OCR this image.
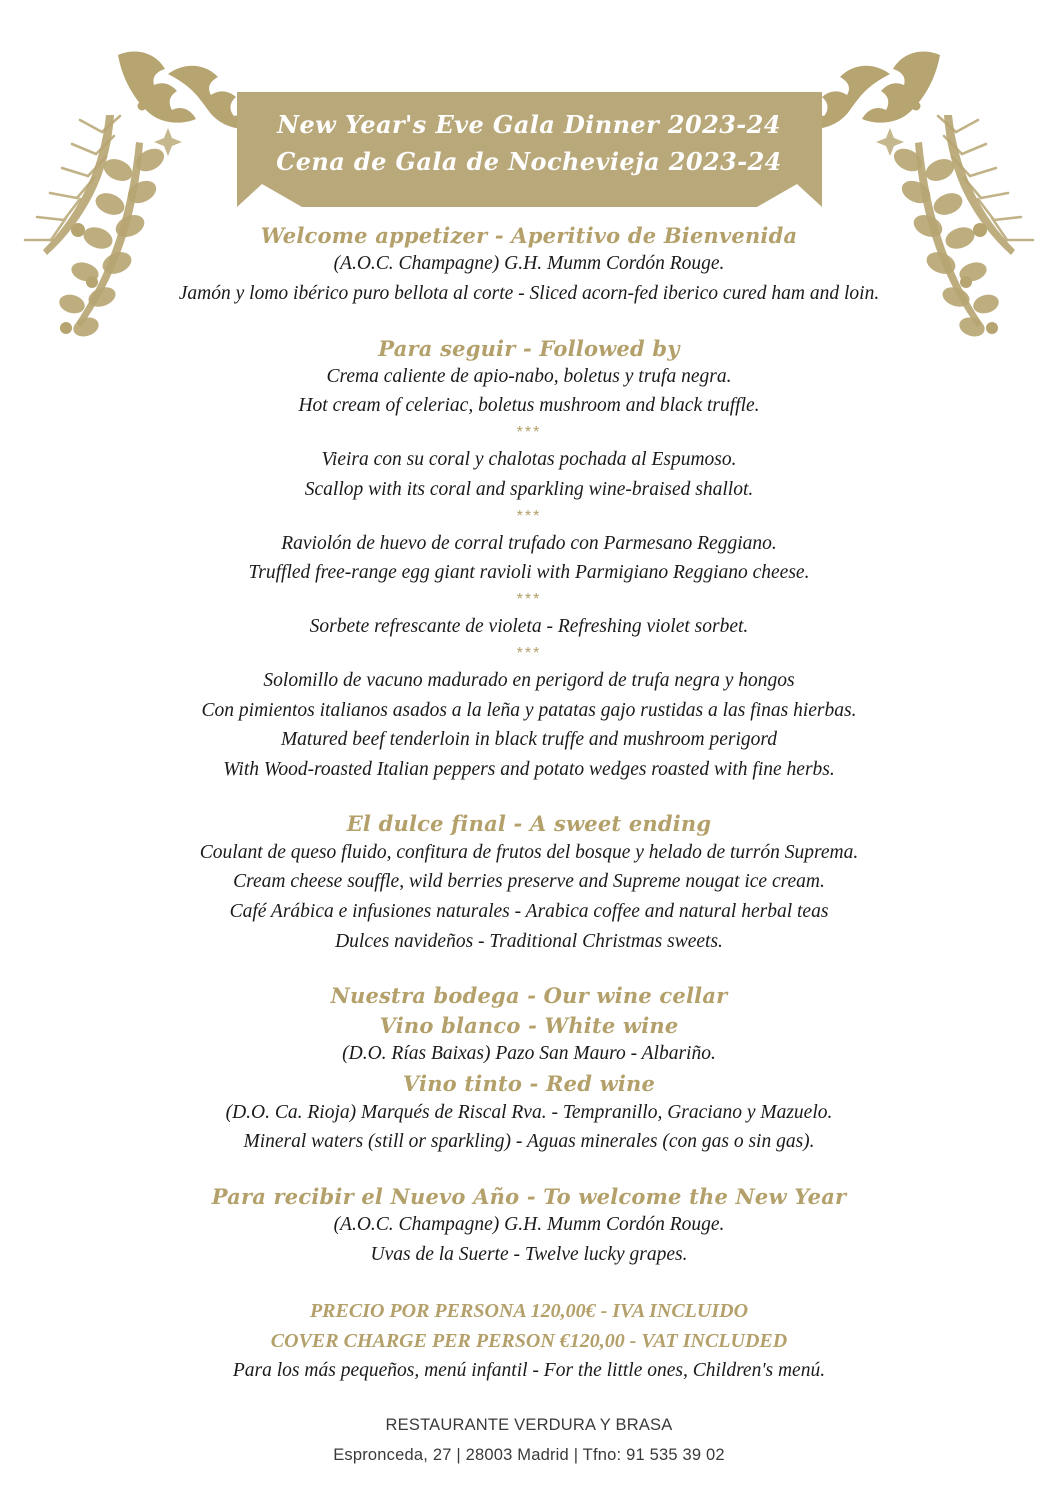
New Year's Eve Gala Dinner 2023-24
Cena de Gala de Nochevieja 2023-24

Welcome appetizer - Aperitivo de Bienvenida

(A.O.C. Champagne) G.H. Mumm Cordón Rouge.

Jamón y lomo ibérico puro bellota al corte - Sliced acorn-fed iberico cured ham and loin.

Para seguir - Followed by

Crema caliente de apio-nabo, boletus y trufa negra.

Hot cream of celeriac, boletus mushroom and black truffle.

***

Vieira con su coral y chalotas pochada al Espumoso.

Scallop with its coral and sparkling wine-braised shallot.

***

Raviolón de huevo de corral trufado con Parmesano Reggiano.

Truffled free-range egg giant ravioli with Parmigiano Reggiano cheese.

***

Sorbete refrescante de violeta - Refreshing violet sorbet.

***

Solomillo de vacuno madurado en perigord de trufa negra y hongos

Con pimientos italianos asados a la leña y patatas gajo rustidas a las finas hierbas.

Matured beef tenderloin in black truffe and mushroom perigord

With Wood-roasted Italian peppers and potato wedges roasted with fine herbs.

El dulce final - A sweet ending

Coulant de queso fluido, confitura de frutos del bosque y helado de turrón Suprema.

Cream cheese souffle, wild berries preserve and Supreme nougat ice cream.

Café Arábica e infusiones naturales - Arabica coffee and natural herbal teas

Dulces navideños - Traditional Christmas sweets.

Nuestra bodega - Our wine cellar

Vino blanco - White wine

(D.O. Rías Baixas) Pazo San Mauro - Albariño.

Vino tinto - Red wine

(D.O. Ca. Rioja) Marqués de Riscal Rva. - Tempranillo, Graciano y Mazuelo.

Mineral waters (still or sparkling) - Aguas minerales (con gas o sin gas).

Para recibir el Nuevo Año - To welcome the New Year

(A.O.C. Champagne) G.H. Mumm Cordón Rouge.

Uvas de la Suerte - Twelve lucky grapes.

PRECIO POR PERSONA 120,00€ - IVA INCLUIDO

COVER CHARGE PER PERSON €120,00 - VAT INCLUDED

Para los más pequeños, menú infantil - For the little ones, Children's menú.

RESTAURANTE VERDURA Y BRASA
Espronceda, 27 | 28003 Madrid | Tfno: 91 535 39 02
